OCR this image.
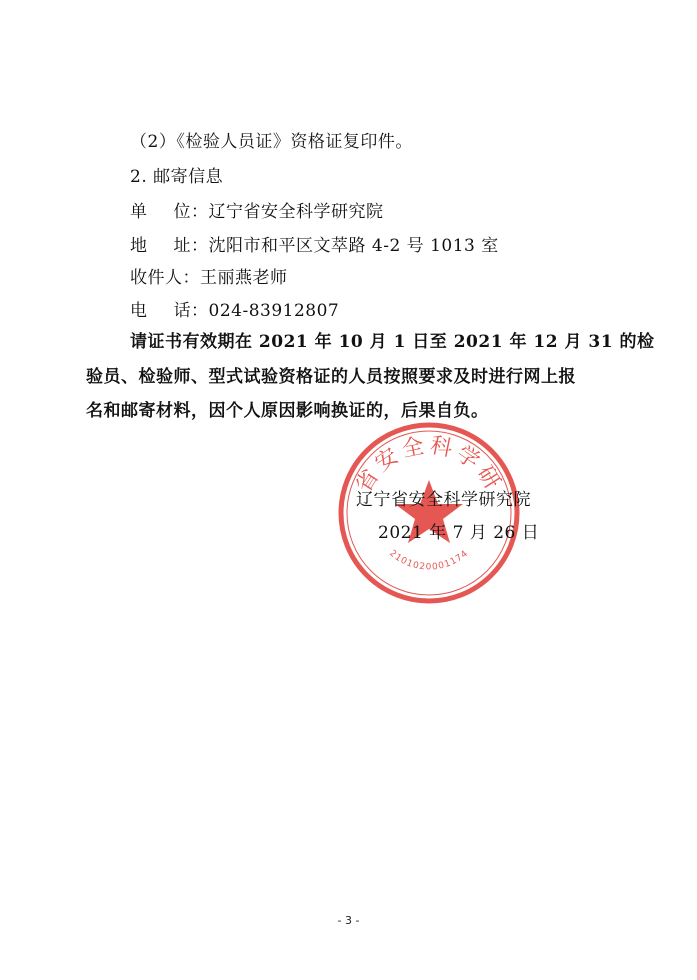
（2）《检验人员证》资格证复印件。
2. 邮寄信息
单 位：辽宁省安全科学研究院
地 址：沈阳市和平区文萃路 4-2 号 1013 室
收件人：王丽燕老师
电 话：024-83912807
请证书有效期在 2021 年 10 月 1 日至 2021 年 12 月 31 的检
验员、检验师、型式试验资格证的人员按照要求及时进行网上报
名和邮寄材料，因个人原因影响换证的，后果自负。
省安全科学研
2101020001174
辽宁省安全科学研究院
2021 年 7 月 26 日
- 3 -
